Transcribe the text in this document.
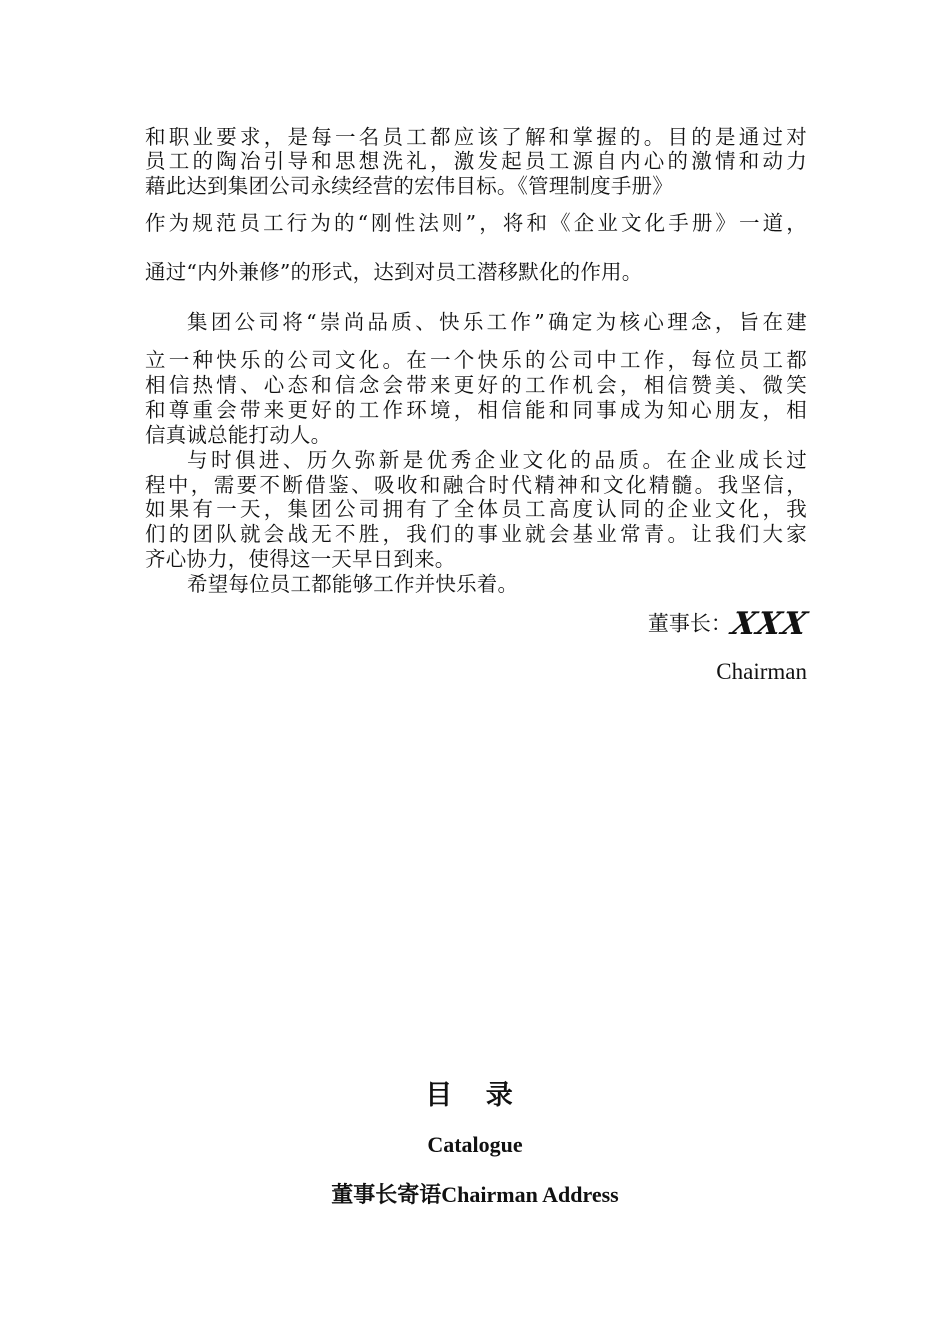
和职业要求，是每一名员工都应该了解和掌握的。目的是通过对
员工的陶冶引导和思想洗礼，激发起员工源自内心的激情和动力
藉此达到集团公司永续经营的宏伟目标。《管理制度手册》
作为规范员工行为的“刚性法则”，将和《企业文化手册》一道，
通过“内外兼修”的形式，达到对员工潜移默化的作用。
集团公司将“崇尚品质、快乐工作”确定为核心理念，旨在建
立一种快乐的公司文化。在一个快乐的公司中工作，每位员工都
相信热情、心态和信念会带来更好的工作机会，相信赞美、微笑
和尊重会带来更好的工作环境，相信能和同事成为知心朋友，相
信真诚总能打动人。
与时俱进、历久弥新是优秀企业文化的品质。在企业成长过
程中，需要不断借鉴、吸收和融合时代精神和文化精髓。我坚信，
如果有一天，集团公司拥有了全体员工高度认同的企业文化，我
们的团队就会战无不胜，我们的事业就会基业常青。让我们大家
齐心协力，使得这一天早日到来。
希望每位员工都能够工作并快乐着。
董事长：XXX
Chairman
目 录
Catalogue
董事长寄语Chairman Address
